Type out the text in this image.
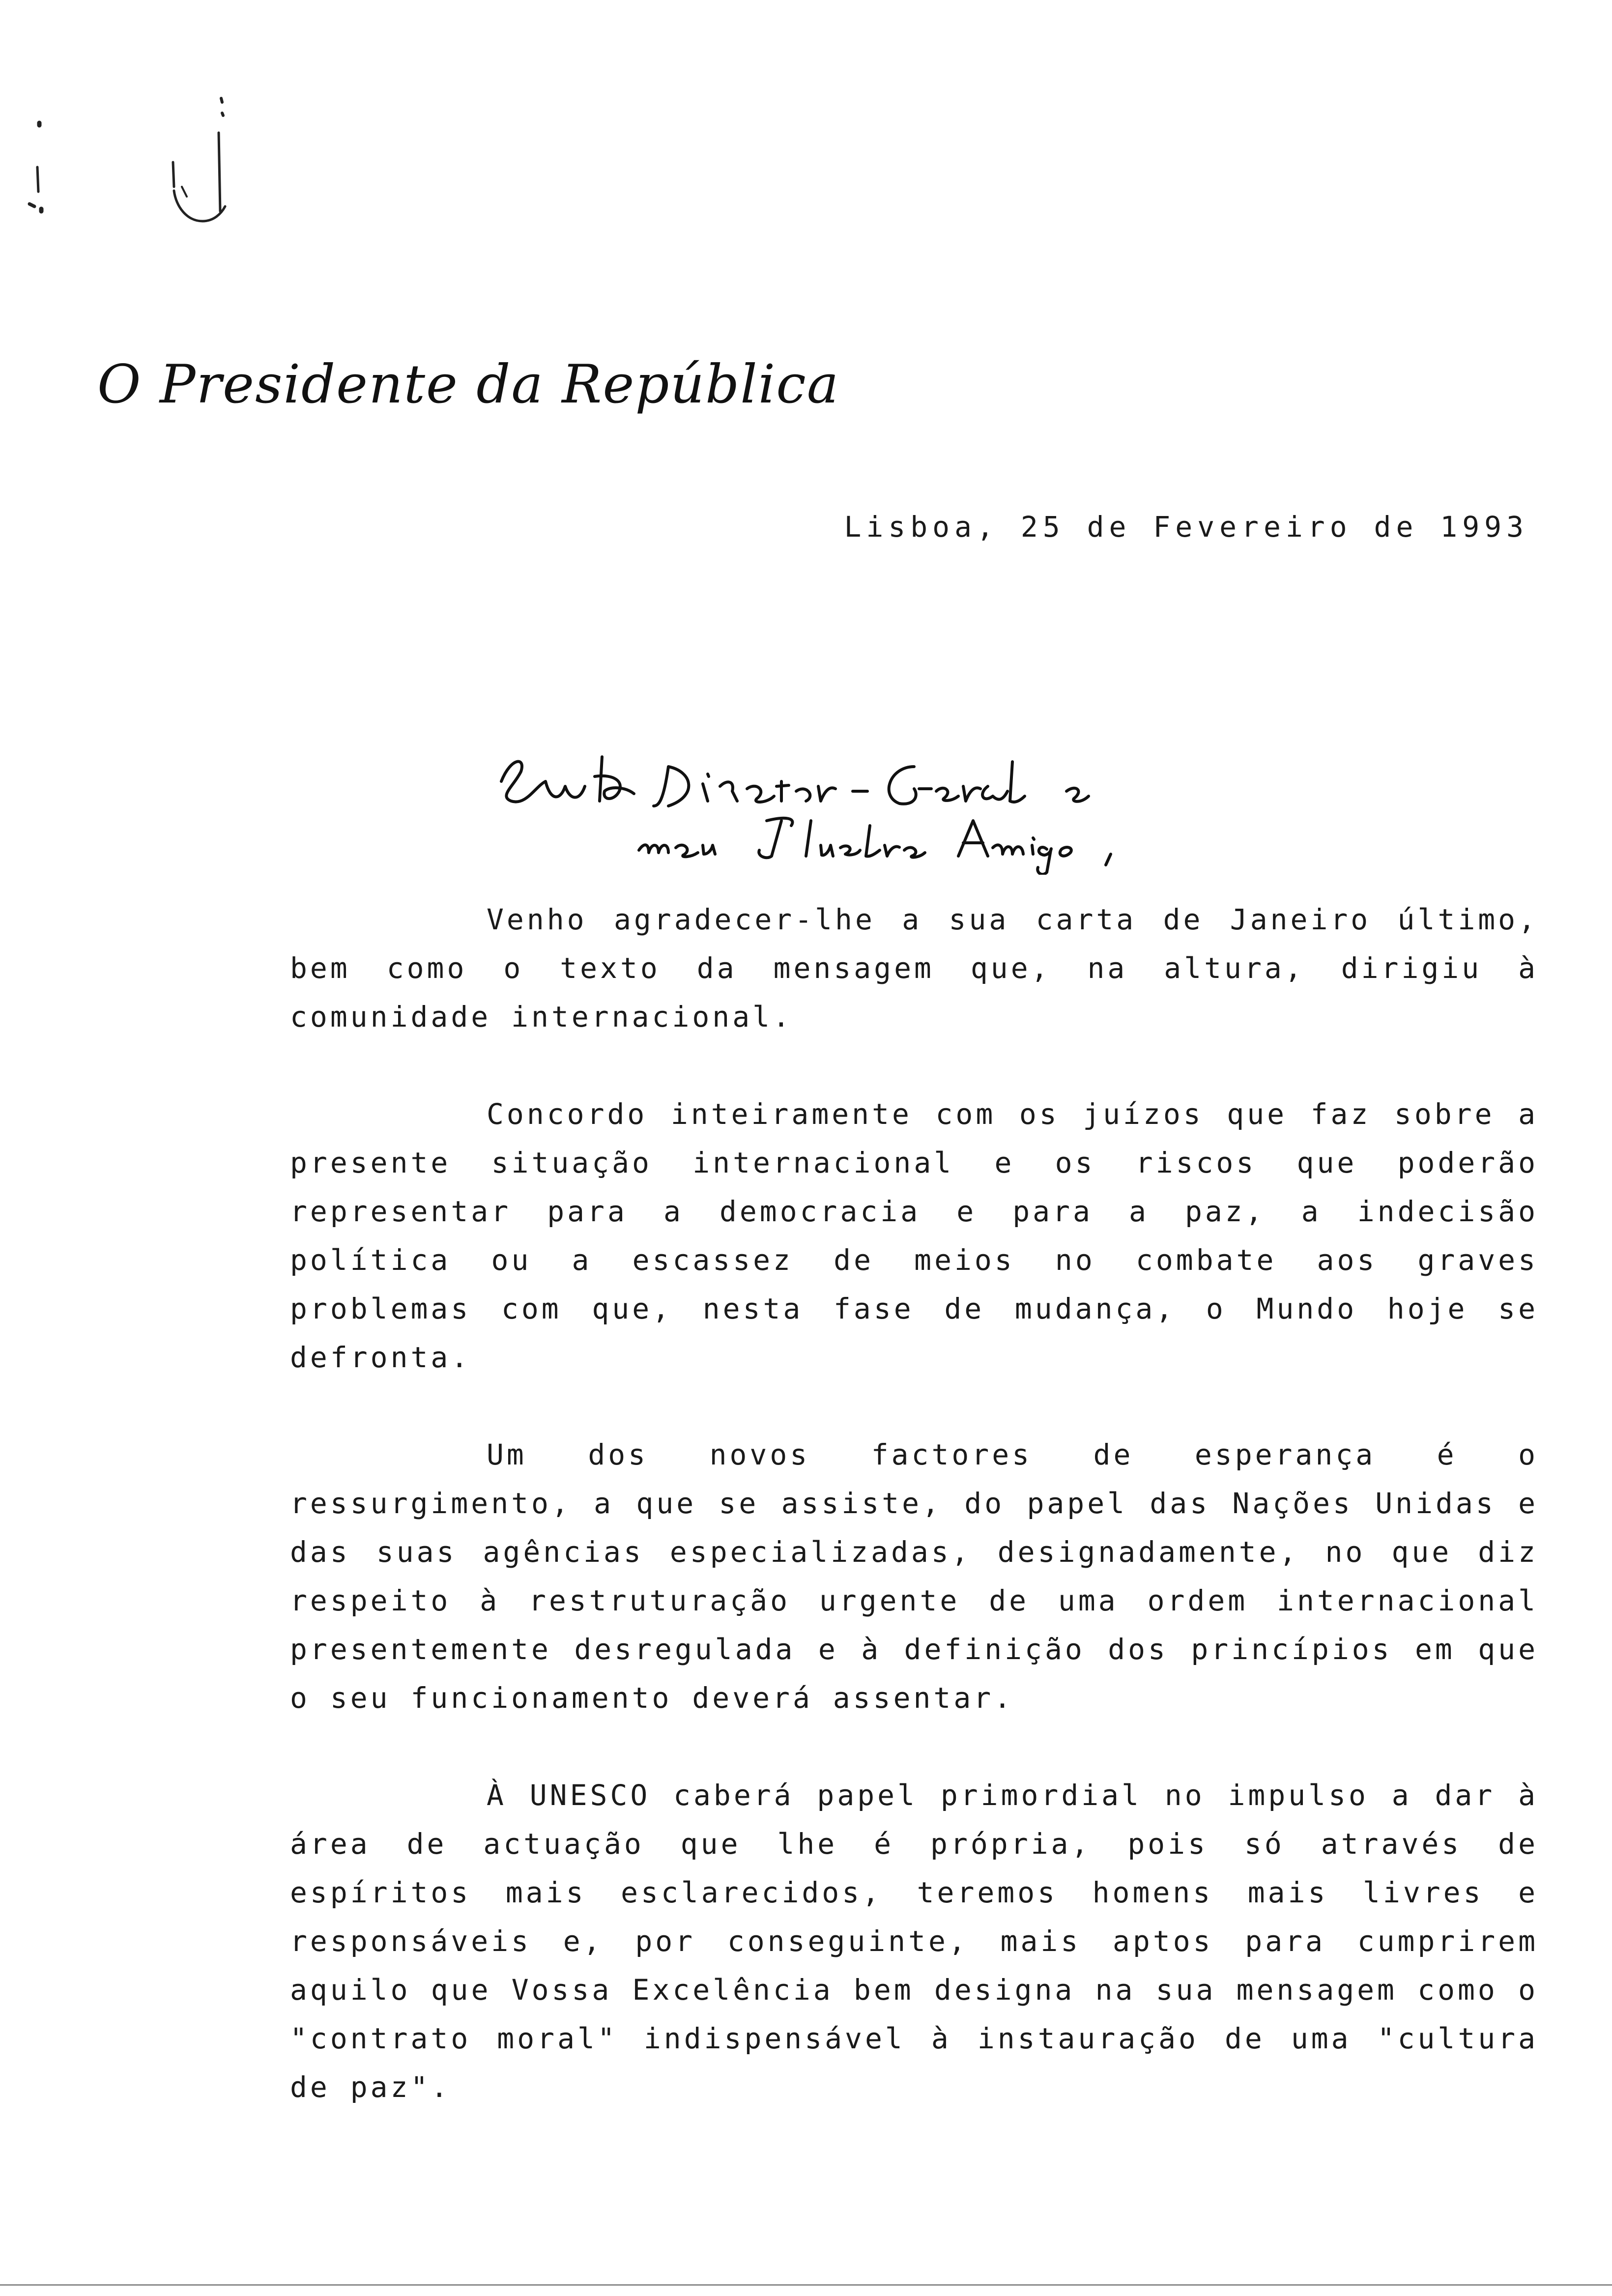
O Presidente da República
Lisboa, 25 de Fevereiro de 1993

Venho agradecer-lhe a sua carta de Janeiro último, bem como o texto da mensagem que, na altura, dirigiu à comunidade internacional.

Concordo inteiramente com os juízos que faz sobre a presente situação internacional e os riscos que poderão representar para a democracia e para a paz, a indecisão política ou a escassez de meios no combate aos graves problemas com que, nesta fase de mudança, o Mundo hoje se defronta.

Um dos novos factores de esperança é o ressurgimento, a que se assiste, do papel das Nações Unidas e das suas agências especializadas, designadamente, no que diz respeito à restruturação urgente de uma ordem internacional presentemente desregulada e à definição dos princípios em que o seu funcionamento deverá assentar.

À UNESCO caberá papel primordial no impulso a dar à área de actuação que lhe é própria, pois só através de espíritos mais esclarecidos, teremos homens mais livres e responsáveis e, por conseguinte, mais aptos para cumprirem aquilo que Vossa Excelência bem designa na sua mensagem como o "contrato moral" indispensável à instauração de uma "cultura de paz".
